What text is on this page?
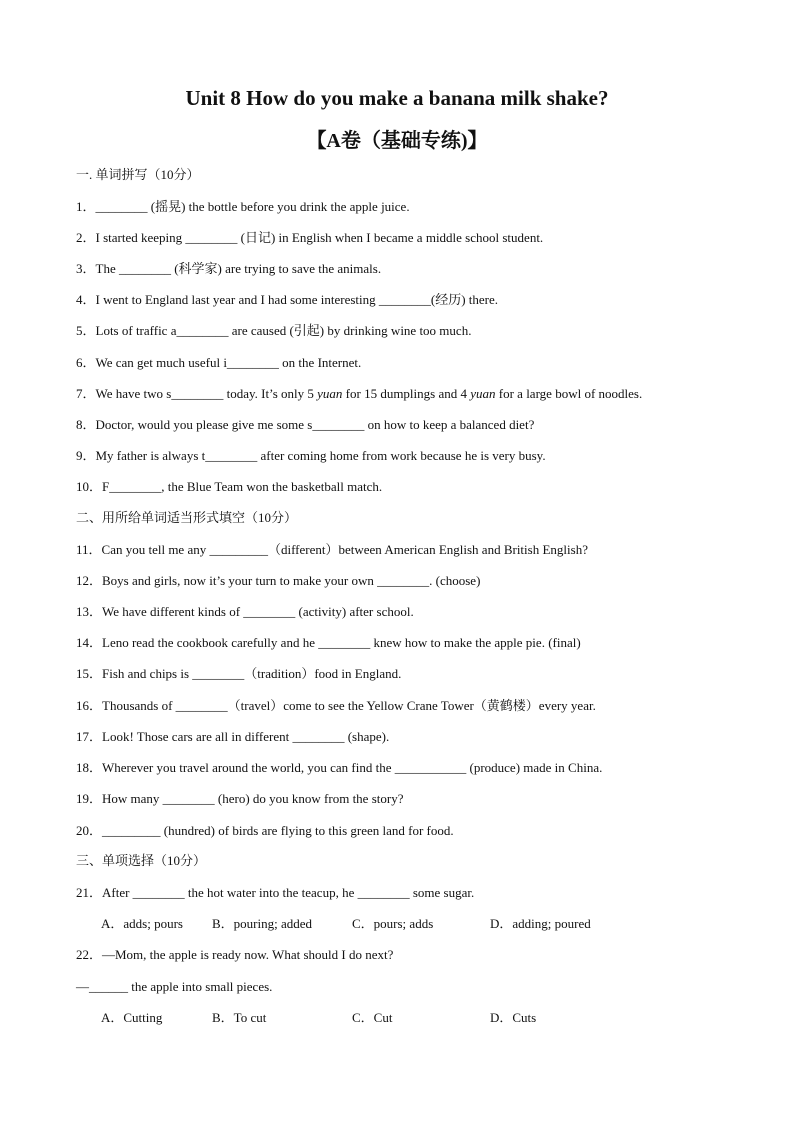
Unit 8 How do you make a banana milk shake?
【A卷（基础专练)】
一. 单词拼写（10分）
1．________ (摇晃) the bottle before you drink the apple juice.
2．I started keeping ________ (日记) in English when I became a middle school student.
3．The ________ (科学家) are trying to save the animals.
4．I went to England last year and I had some interesting ________(经历) there.
5．Lots of traffic a________ are caused (引起) by drinking wine too much.
6．We can get much useful i________ on the Internet.
7．We have two s________ today. It’s only 5 yuan for 15 dumplings and 4 yuan for a large bowl of noodles.
8．Doctor, would you please give me some s________ on how to keep a balanced diet?
9．My father is always t________ after coming home from work because he is very busy.
10．F________, the Blue Team won the basketball match.
二、用所给单词适当形式填空（10分）
11．Can you tell me any _________（different）between American English and British English?
12．Boys and girls, now it’s your turn to make your own ________. (choose)
13．We have different kinds of ________ (activity) after school.
14．Leno read the cookbook carefully and he ________ knew how to make the apple pie. (final)
15．Fish and chips is ________（tradition）food in England.
16．Thousands of ________（travel）come to see the Yellow Crane Tower（黄鹤楼）every year.
17．Look! Those cars are all in different ________ (shape).
18．Wherever you travel around the world, you can find the ___________ (produce) made in China.
19．How many ________ (hero) do you know from the story?
20．_________ (hundred) of birds are flying to this green land for food.
三、单项选择（10分）
21．After ________ the hot water into the teacup, he ________ some sugar.
A．adds; pours B．pouring; added	C．pours; adds	D．adding; poured
22．—Mom, the apple is ready now. What should I do next?
—______ the apple into small pieces.
A．Cutting	B．To cut	C．Cut	D．Cuts
